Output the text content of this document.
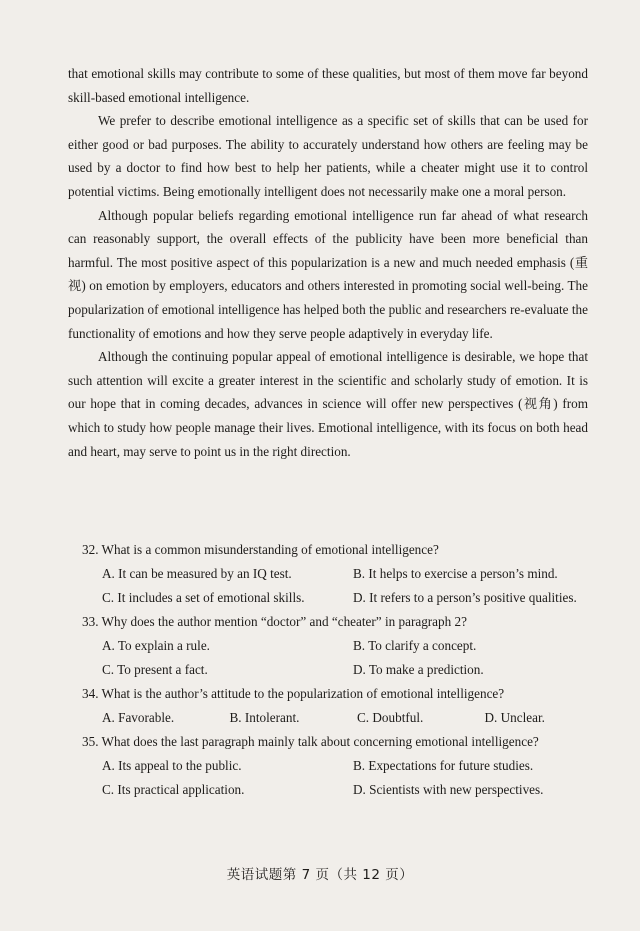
that emotional skills may contribute to some of these qualities, but most of them move far beyond skill-based emotional intelligence.

We prefer to describe emotional intelligence as a specific set of skills that can be used for either good or bad purposes. The ability to accurately understand how others are feeling may be used by a doctor to find how best to help her patients, while a cheater might use it to control potential victims. Being emotionally intelligent does not necessarily make one a moral person.

Although popular beliefs regarding emotional intelligence run far ahead of what research can reasonably support, the overall effects of the publicity have been more beneficial than harmful. The most positive aspect of this popularization is a new and much needed emphasis (重视) on emotion by employers, educators and others interested in promoting social well-being. The popularization of emotional intelligence has helped both the public and researchers re-evaluate the functionality of emotions and how they serve people adaptively in everyday life.

Although the continuing popular appeal of emotional intelligence is desirable, we hope that such attention will excite a greater interest in the scientific and scholarly study of emotion. It is our hope that in coming decades, advances in science will offer new perspectives (视角) from which to study how people manage their lives. Emotional intelligence, with its focus on both head and heart, may serve to point us in the right direction.

32. What is a common misunderstanding of emotional intelligence?

A. It can be measured by an IQ test.	B. It helps to exercise a person’s mind.
C. It includes a set of emotional skills.	D. It refers to a person’s positive qualities.

33. Why does the author mention “doctor” and “cheater” in paragraph 2?

A. To explain a rule.	B. To clarify a concept.
C. To present a fact.	D. To make a prediction.

34. What is the author’s attitude to the popularization of emotional intelligence?

A. Favorable.	B. Intolerant.	C. Doubtful.	D. Unclear.

35. What does the last paragraph mainly talk about concerning emotional intelligence?

A. Its appeal to the public.	B. Expectations for future studies.
C. Its practical application.	D. Scientists with new perspectives.
英语试题第 7 页（共 12 页）
